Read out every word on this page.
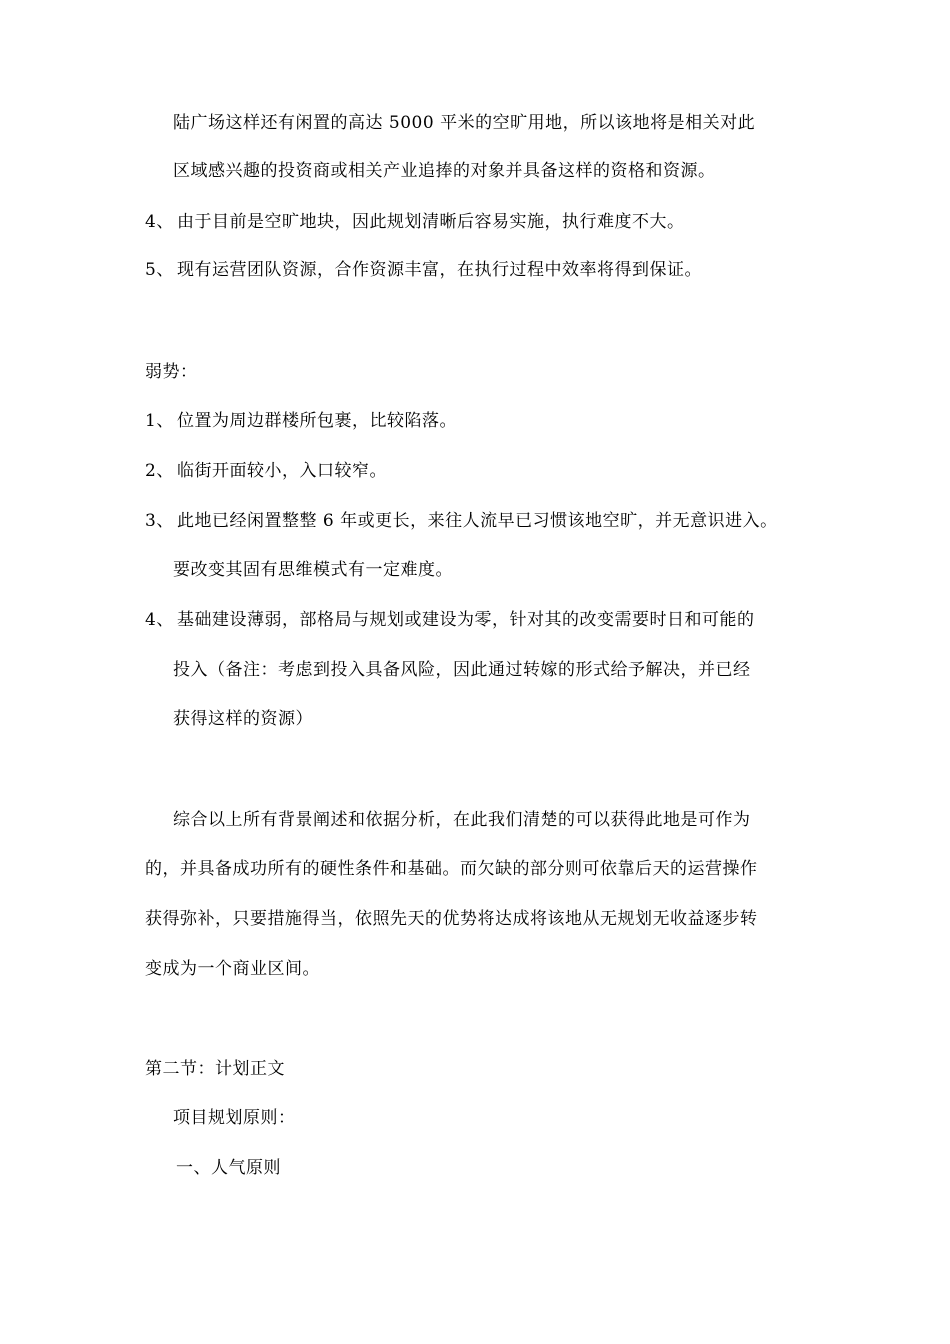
陆广场这样还有闲置的高达 5000 平米的空旷用地，所以该地将是相关对此
区域感兴趣的投资商或相关产业追捧的对象并具备这样的资格和资源。
4、 由于目前是空旷地块，因此规划清晰后容易实施，执行难度不大。
5、 现有运营团队资源，合作资源丰富，在执行过程中效率将得到保证。
弱势：
1、 位置为周边群楼所包裹，比较陷落。
2、 临街开面较小，入口较窄。
3、 此地已经闲置整整 6 年或更长，来往人流早已习惯该地空旷，并无意识进入。
要改变其固有思维模式有一定难度。
4、 基础建设薄弱，部格局与规划或建设为零，针对其的改变需要时日和可能的
投入（备注：考虑到投入具备风险，因此通过转嫁的形式给予解决，并已经
获得这样的资源）
综合以上所有背景阐述和依据分析，在此我们清楚的可以获得此地是可作为
的，并具备成功所有的硬性条件和基础。而欠缺的部分则可依靠后天的运营操作
获得弥补，只要措施得当，依照先天的优势将达成将该地从无规划无收益逐步转
变成为一个商业区间。
第二节：计划正文
项目规划原则：
一、人气原则
